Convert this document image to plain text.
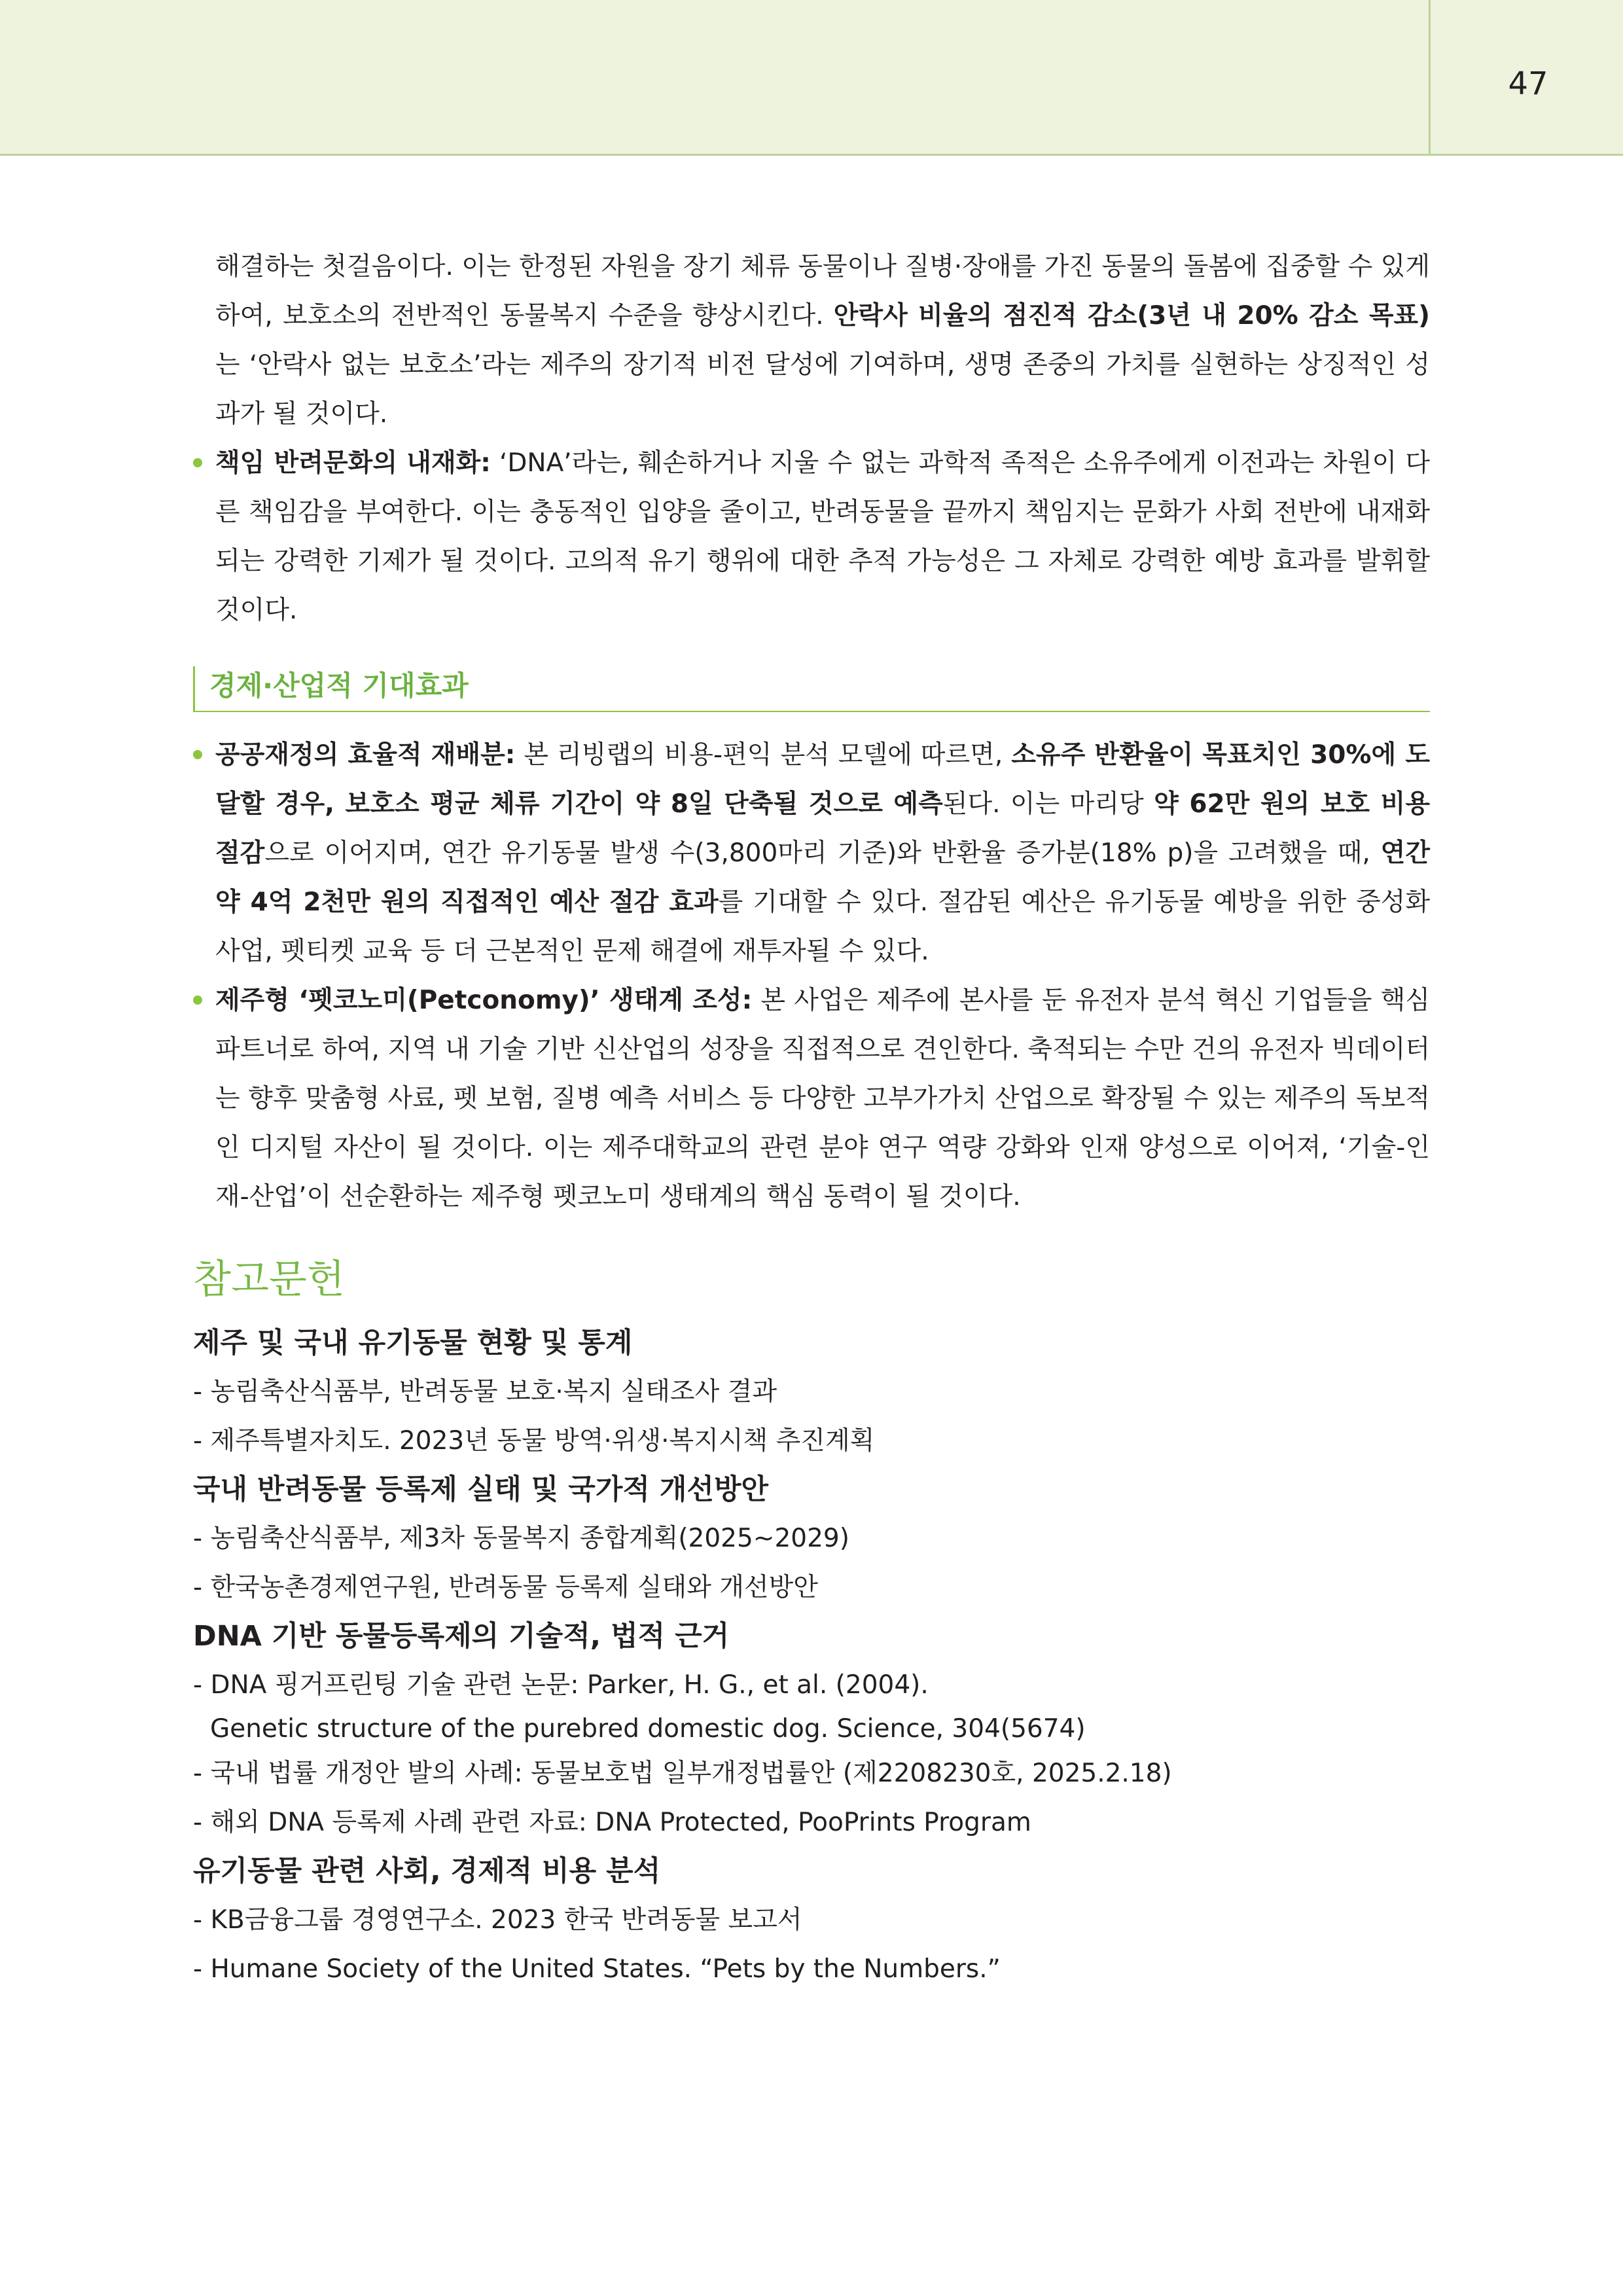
47

해결하는 첫걸음이다. 이는 한정된 자원을 장기 체류 동물이나 질병·장애를 가진 동물의 돌봄에 집중할 수 있게 하여, 보호소의 전반적인 동물복지 수준을 향상시킨다. 안락사 비율의 점진적 감소(3년 내 20% 감소 목표)는 ‘안락사 없는 보호소’라는 제주의 장기적 비전 달성에 기여하며, 생명 존중의 가치를 실현하는 상징적인 성과가 될 것이다.

책임 반려문화의 내재화: ‘DNA’라는, 훼손하거나 지울 수 없는 과학적 족적은 소유주에게 이전과는 차원이 다른 책임감을 부여한다. 이는 충동적인 입양을 줄이고, 반려동물을 끝까지 책임지는 문화가 사회 전반에 내재화되는 강력한 기제가 될 것이다. 고의적 유기 행위에 대한 추적 가능성은 그 자체로 강력한 예방 효과를 발휘할 것이다.

경제·산업적 기대효과

공공재정의 효율적 재배분: 본 리빙랩의 비용-편익 분석 모델에 따르면, 소유주 반환율이 목표치인 30%에 도달할 경우, 보호소 평균 체류 기간이 약 8일 단축될 것으로 예측된다. 이는 마리당 약 62만 원의 보호 비용 절감으로 이어지며, 연간 유기동물 발생 수(3,800마리 기준)와 반환율 증가분(18% p)을 고려했을 때, 연간 약 4억 2천만 원의 직접적인 예산 절감 효과를 기대할 수 있다. 절감된 예산은 유기동물 예방을 위한 중성화 사업, 펫티켓 교육 등 더 근본적인 문제 해결에 재투자될 수 있다.

제주형 ‘펫코노미(Petconomy)’ 생태계 조성: 본 사업은 제주에 본사를 둔 유전자 분석 혁신 기업들을 핵심 파트너로 하여, 지역 내 기술 기반 신산업의 성장을 직접적으로 견인한다. 축적되는 수만 건의 유전자 빅데이터는 향후 맞춤형 사료, 펫 보험, 질병 예측 서비스 등 다양한 고부가가치 산업으로 확장될 수 있는 제주의 독보적인 디지털 자산이 될 것이다. 이는 제주대학교의 관련 분야 연구 역량 강화와 인재 양성으로 이어져, ‘기술-인재-산업’이 선순환하는 제주형 펫코노미 생태계의 핵심 동력이 될 것이다.

참고문헌
제주 및 국내 유기동물 현황 및 통계
- 농림축산식품부, 반려동물 보호·복지 실태조사 결과
- 제주특별자치도. 2023년 동물 방역·위생·복지시책 추진계획
국내 반려동물 등록제 실태 및 국가적 개선방안
- 농림축산식품부, 제3차 동물복지 종합계획(2025~2029)
- 한국농촌경제연구원, 반려동물 등록제 실태와 개선방안
DNA 기반 동물등록제의 기술적, 법적 근거
- DNA 핑거프린팅 기술 관련 논문: Parker, H. G., et al. (2004).
Genetic structure of the purebred domestic dog. Science, 304(5674)
- 국내 법률 개정안 발의 사례: 동물보호법 일부개정법률안 (제2208230호, 2025.2.18)
- 해외 DNA 등록제 사례 관련 자료: DNA Protected, PooPrints Program
유기동물 관련 사회, 경제적 비용 분석
- KB금융그룹 경영연구소. 2023 한국 반려동물 보고서
- Humane Society of the United States. “Pets by the Numbers.”
